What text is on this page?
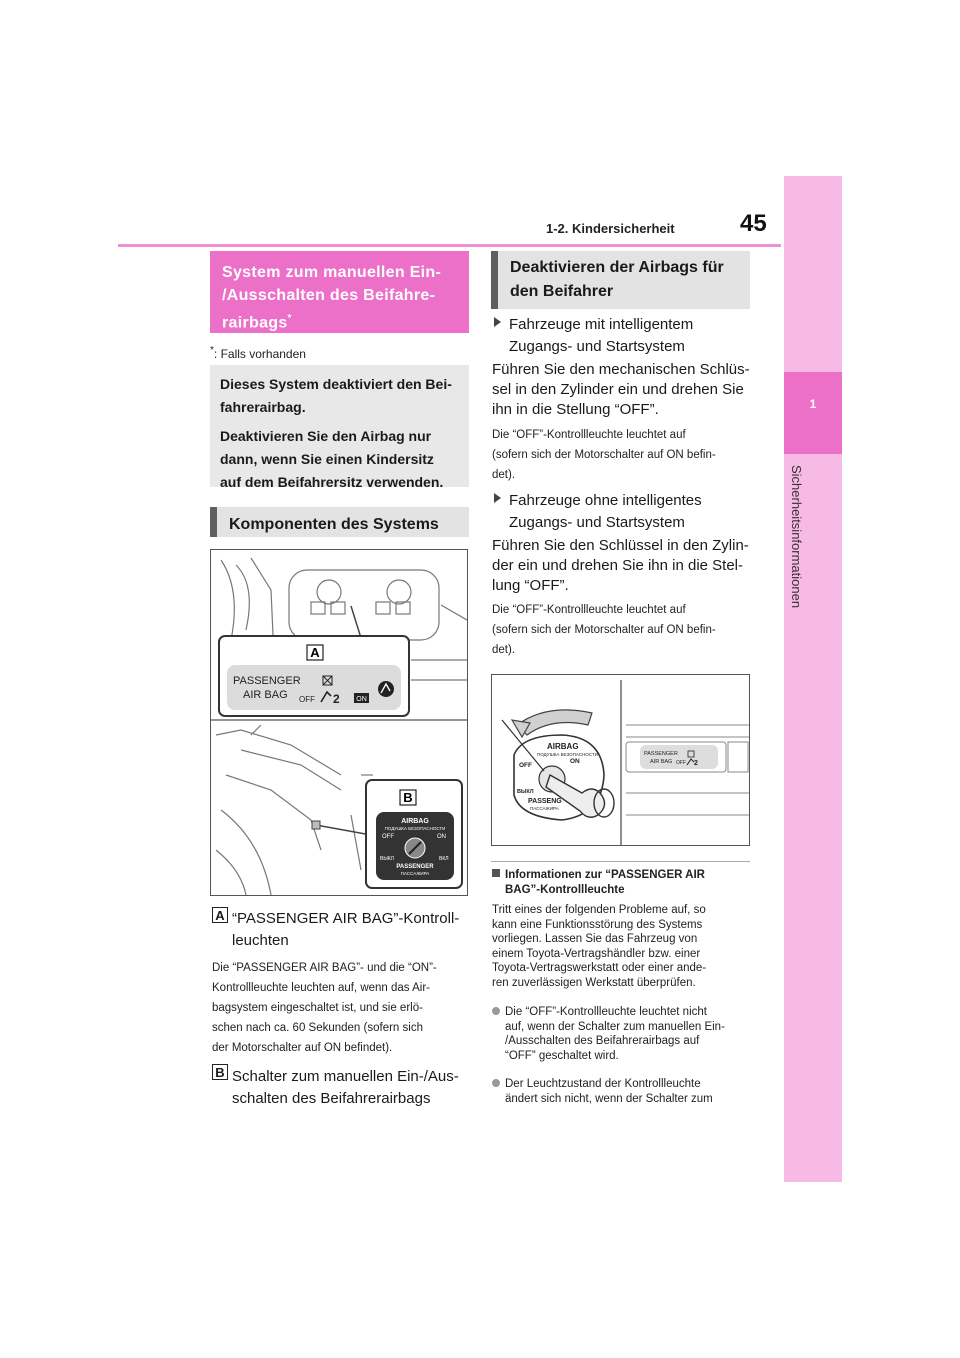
1-2. Kindersicherheit	45
1
Sicherheitsinformationen
System zum manuellen Ein-
/Ausschalten des Beifahre-
rairbags*
*: Falls vorhanden

Dieses System deaktiviert den Bei-

fahrerairbag.

Deaktivieren Sie den Airbag nur

dann, wenn Sie einen Kindersitz

auf dem Beifahrersitz verwenden.

Komponenten des Systems
A
PASSENGER
AIR BAG OFF 2 ON
B
AIRBAG
ПОДУШКА БЕЗОПАСНОСТИ
OFF	ON
ВЫКЛ	ВКЛ
PASSENGER
ПАССАЖИРА
A “PASSENGER AIR BAG”-Kontroll-
leuchten
Die “PASSENGER AIR BAG”- und die “ON”-
Kontrollleuchte leuchten auf, wenn das Air-
bagsystem eingeschaltet ist, und sie erlö-
schen nach ca. 60 Sekunden (sofern sich
der Motorschalter auf ON befindet).
B Schalter zum manuellen Ein-/Aus-
schalten des Beifahrerairbags
Deaktivieren der Airbags für
den Beifahrer
Fahrzeuge mit intelligentem
Zugangs- und Startsystem
Führen Sie den mechanischen Schlüs-
sel in den Zylinder ein und drehen Sie
ihn in die Stellung “OFF”.
Die “OFF”-Kontrollleuchte leuchtet auf
(sofern sich der Motorschalter auf ON befin-
det).
Fahrzeuge ohne intelligentes
Zugangs- und Startsystem
Führen Sie den Schlüssel in den Zylin-
der ein und drehen Sie ihn in die Stel-
lung “OFF”.
Die “OFF”-Kontrollleuchte leuchtet auf
(sofern sich der Motorschalter auf ON befin-
det).
PASSENGER
AIR BAG OFF 2
AIRBAG
ПОДУШКА БЕЗОПАСНОСТИ
OFF
ON
ВЫКЛ
PASSENG
ПАССАЖИРА
Informationen zur “PASSENGER AIR
BAG”-Kontrollleuchte
Tritt eines der folgenden Probleme auf, so
kann eine Funktionsstörung des Systems
vorliegen. Lassen Sie das Fahrzeug von
einem Toyota-Vertragshändler bzw. einer
Toyota-Vertragswerkstatt oder einer ande-
ren zuverlässigen Werkstatt überprüfen.
Die “OFF”-Kontrollleuchte leuchtet nicht
auf, wenn der Schalter zum manuellen Ein-
/Ausschalten des Beifahrerairbags auf
“OFF” geschaltet wird.
Der Leuchtzustand der Kontrollleuchte
ändert sich nicht, wenn der Schalter zum
